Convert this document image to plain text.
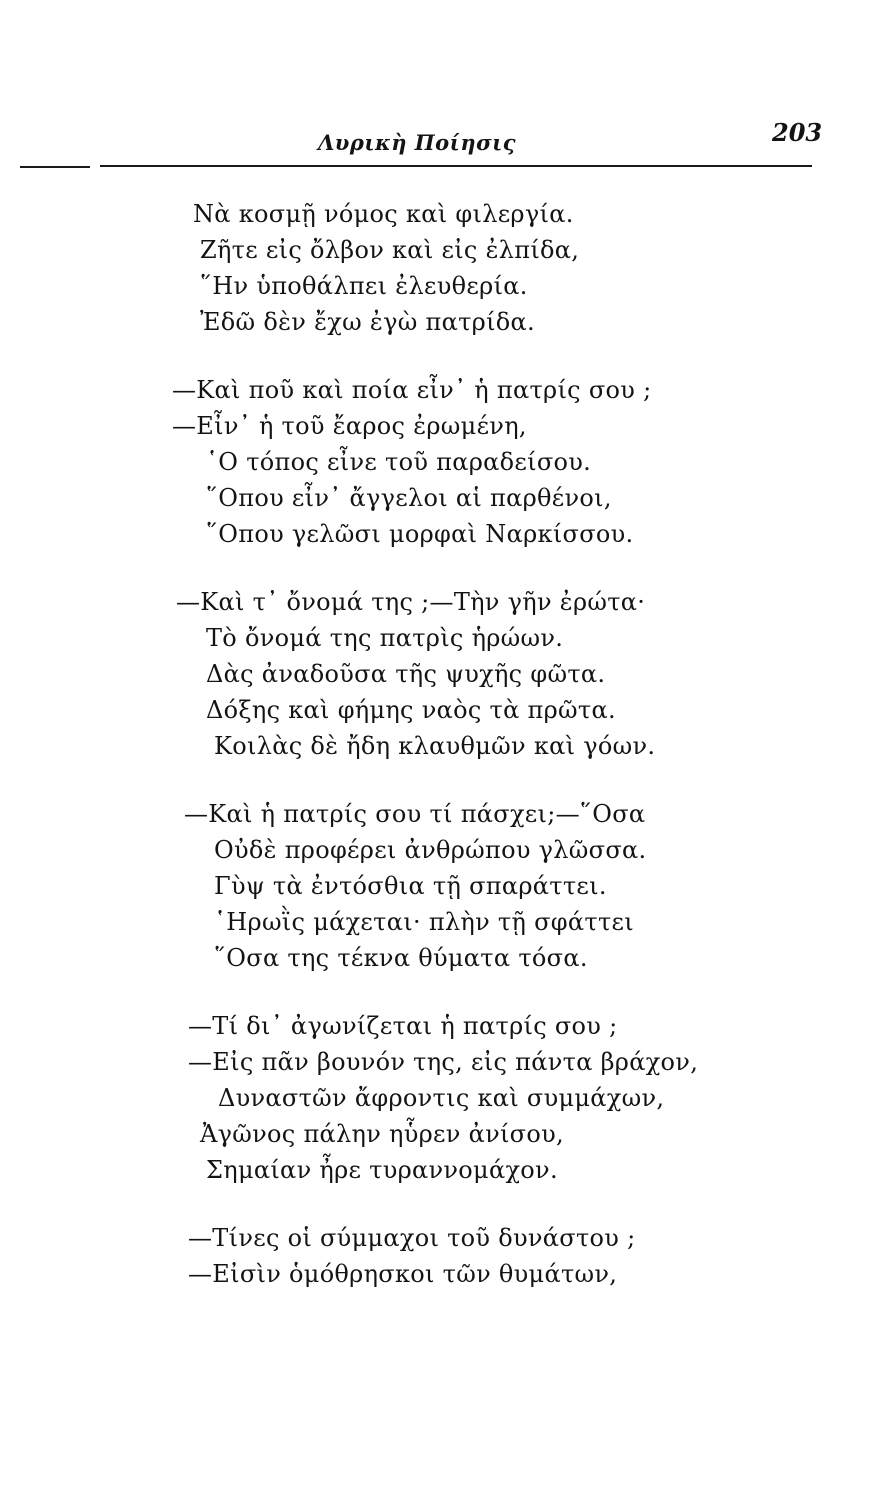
Λυρικὴ Ποίησις	203
Νὰ κοσμῇ νόμος καὶ φιλεργία.
Ζῆτε εἰς ὄλβον καὶ εἰς ἐλπίδα,
῞Ην ὑποθάλπει ἐλευθερία.
Ἐδῶ δὲν ἔχω ἐγὼ πατρίδα.
—Καὶ ποῦ καὶ ποία εἶν᾽ ἡ πατρίς σου ;
—Εἶν᾽ ἡ τοῦ ἔαρος ἐρωμένη,
῾Ο τόπος εἶνε τοῦ παραδείσου.
῞Οπου εἶν᾽ ἄγγελοι αἱ παρθένοι,
῞Οπου γελῶσι μορφαὶ Ναρκίσσου.
—Καὶ τ᾽ ὄνομά της ;—Τὴν γῆν ἐρώτα·
Τὸ ὄνομά της πατρὶς ἡρώων.
Δὰς ἀναδοῦσα τῆς ψυχῆς φῶτα.
Δόξης καὶ φήμης ναὸς τὰ πρῶτα.
Κοιλὰς δὲ ἤδη κλαυθμῶν καὶ γόων.
—Καὶ ἡ πατρίς σου τί πάσχει;—῞Οσα
Οὐδὲ προφέρει ἀνθρώπου γλῶσσα.
Γὺψ τὰ ἐντόσθια τῇ σπαράττει.
῾Ηρωῒς μάχεται· πλὴν τῇ σφάττει
῞Οσα της τέκνα θύματα τόσα.
—Τί δι᾽ ἀγωνίζεται ἡ πατρίς σου ;
—Εἰς πᾶν βουνόν της, εἰς πάντα βράχον,
Δυναστῶν ἄφροντις καὶ συμμάχων,
Ἀγῶνος πάλην ηὗρεν ἀνίσου,
Σημαίαν ἦρε τυραννομάχον.
—Τίνες οἱ σύμμαχοι τοῦ δυνάστου ;
—Εἰσὶν ὁμόθρησκοι τῶν θυμάτων,
